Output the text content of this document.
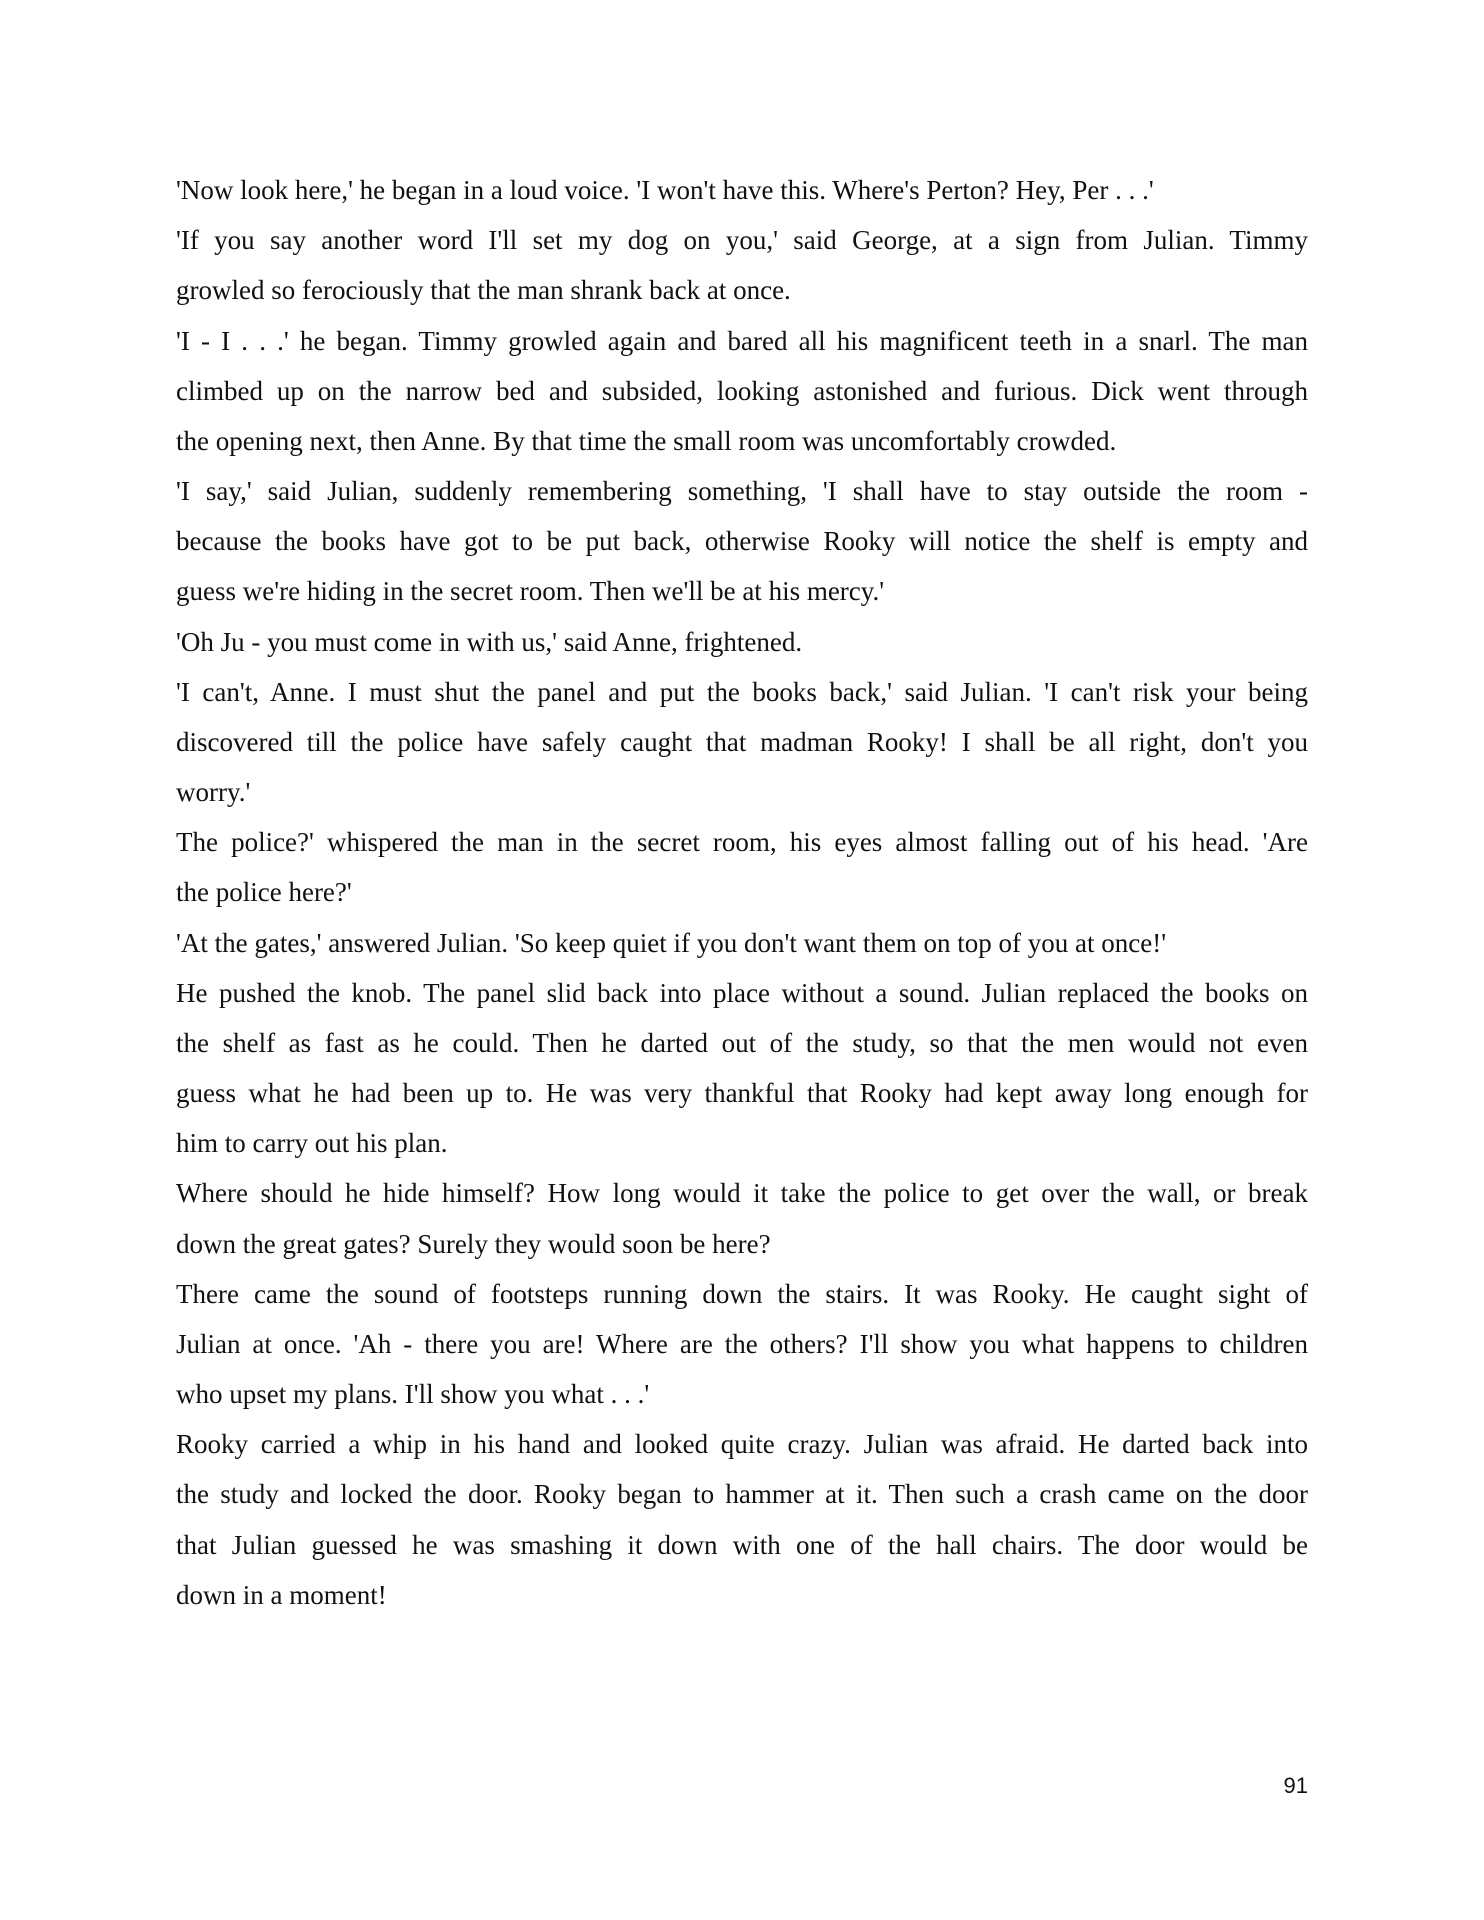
'Now look here,' he began in a loud voice. 'I won't have this. Where's Perton? Hey, Per . . .'
'If you say another word I'll set my dog on you,' said George, at a sign from Julian. Timmy
growled so ferociously that the man shrank back at once.
'I - I . . .' he began. Timmy growled again and bared all his magnificent teeth in a snarl. The man
climbed up on the narrow bed and subsided, looking astonished and furious. Dick went through
the opening next, then Anne. By that time the small room was uncomfortably crowded.
'I say,' said Julian, suddenly remembering something, 'I shall have to stay outside the room -
because the books have got to be put back, otherwise Rooky will notice the shelf is empty and
guess we're hiding in the secret room. Then we'll be at his mercy.'
'Oh Ju - you must come in with us,' said Anne, frightened.
'I can't, Anne. I must shut the panel and put the books back,' said Julian. 'I can't risk your being
discovered till the police have safely caught that madman Rooky! I shall be all right, don't you
worry.'
The police?' whispered the man in the secret room, his eyes almost falling out of his head. 'Are
the police here?'
'At the gates,' answered Julian. 'So keep quiet if you don't want them on top of you at once!'
He pushed the knob. The panel slid back into place without a sound. Julian replaced the books on
the shelf as fast as he could. Then he darted out of the study, so that the men would not even
guess what he had been up to. He was very thankful that Rooky had kept away long enough for
him to carry out his plan.
Where should he hide himself? How long would it take the police to get over the wall, or break
down the great gates? Surely they would soon be here?
There came the sound of footsteps running down the stairs. It was Rooky. He caught sight of
Julian at once. 'Ah - there you are! Where are the others? I'll show you what happens to children
who upset my plans. I'll show you what . . .'
Rooky carried a whip in his hand and looked quite crazy. Julian was afraid. He darted back into
the study and locked the door. Rooky began to hammer at it. Then such a crash came on the door
that Julian guessed he was smashing it down with one of the hall chairs. The door would be
down in a moment!
91
